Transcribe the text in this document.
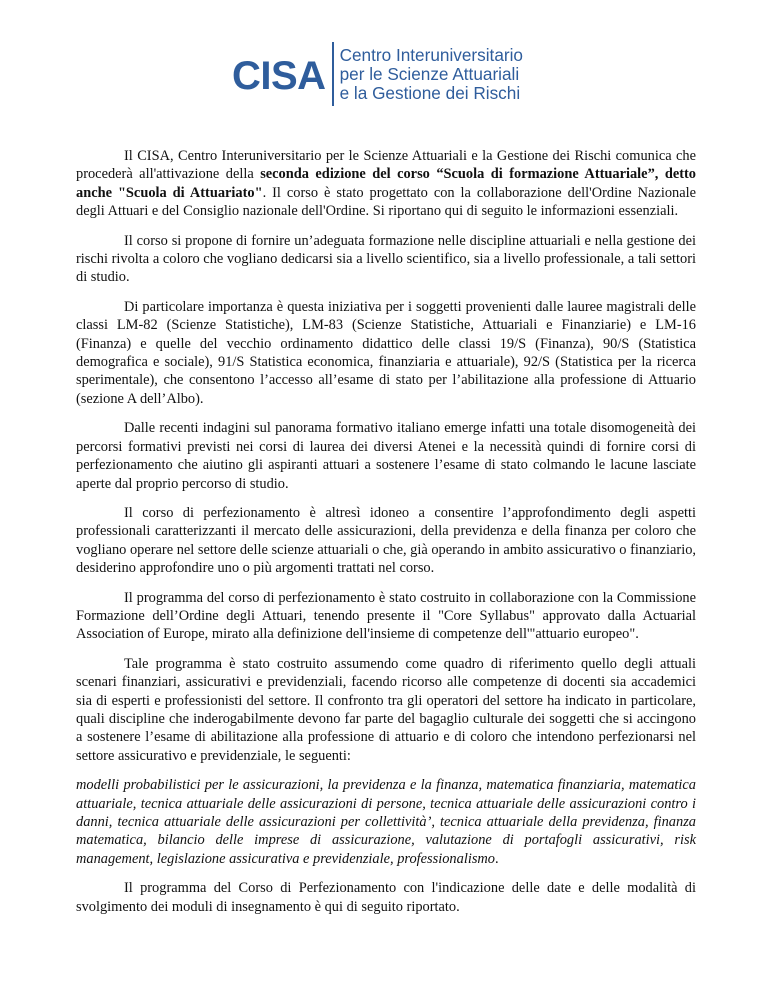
CISA Centro Interuniversitario
per le Scienze Attuariali
e la Gestione dei Rischi

Il CISA, Centro Interuniversitario per le Scienze Attuariali e la Gestione dei Rischi comunica che procederà all'attivazione della seconda edizione del corso “Scuola di formazione Attuariale”, detto anche "Scuola di Attuariato". Il corso è stato progettato con la collaborazione dell'Ordine Nazionale degli Attuari e del Consiglio nazionale dell'Ordine. Si riportano qui di seguito le informazioni essenziali.

Il corso si propone di fornire un’adeguata formazione nelle discipline attuariali e nella gestione dei rischi rivolta a coloro che vogliano dedicarsi sia a livello scientifico, sia a livello professionale, a tali settori di studio.

Di particolare importanza è questa iniziativa per i soggetti provenienti dalle lauree magistrali delle classi LM-82 (Scienze Statistiche), LM-83 (Scienze Statistiche, Attuariali e Finanziarie) e LM-16 (Finanza) e quelle del vecchio ordinamento didattico delle classi 19/S (Finanza), 90/S (Statistica demografica e sociale), 91/S Statistica economica, finanziaria e attuariale), 92/S (Statistica per la ricerca sperimentale), che consentono l’accesso all’esame di stato per l’abilitazione alla professione di Attuario (sezione A dell’Albo).

Dalle recenti indagini sul panorama formativo italiano emerge infatti una totale disomogeneità dei percorsi formativi previsti nei corsi di laurea dei diversi Atenei e la necessità quindi di fornire corsi di perfezionamento che aiutino gli aspiranti attuari a sostenere l’esame di stato colmando le lacune lasciate aperte dal proprio percorso di studio.

Il corso di perfezionamento è altresì idoneo a consentire l’approfondimento degli aspetti professionali caratterizzanti il mercato delle assicurazioni, della previdenza e della finanza per coloro che vogliano operare nel settore delle scienze attuariali o che, già operando in ambito assicurativo o finanziario, desiderino approfondire uno o più argomenti trattati nel corso.

Il programma del corso di perfezionamento è stato costruito in collaborazione con la Commissione Formazione dell’Ordine degli Attuari, tenendo presente il "Core Syllabus" approvato dalla Actuarial Association of Europe, mirato alla definizione dell'insieme di competenze dell'"attuario europeo".

Tale programma è stato costruito assumendo come quadro di riferimento quello degli attuali scenari finanziari, assicurativi e previdenziali, facendo ricorso alle competenze di docenti sia accademici sia di esperti e professionisti del settore. Il confronto tra gli operatori del settore ha indicato in particolare, quali discipline che inderogabilmente devono far parte del bagaglio culturale dei soggetti che si accingono a sostenere l’esame di abilitazione alla professione di attuario e di coloro che intendono perfezionarsi nel settore assicurativo e previdenziale, le seguenti:

modelli probabilistici per le assicurazioni, la previdenza e la finanza, matematica finanziaria, matematica attuariale, tecnica attuariale delle assicurazioni di persone, tecnica attuariale delle assicurazioni contro i danni, tecnica attuariale delle assicurazioni per collettività’, tecnica attuariale della previdenza, finanza matematica, bilancio delle imprese di assicurazione, valutazione di portafogli assicurativi, risk management, legislazione assicurativa e previdenziale, professionalismo.

Il programma del Corso di Perfezionamento con l'indicazione delle date e delle modalità di svolgimento dei moduli di insegnamento è qui di seguito riportato.
